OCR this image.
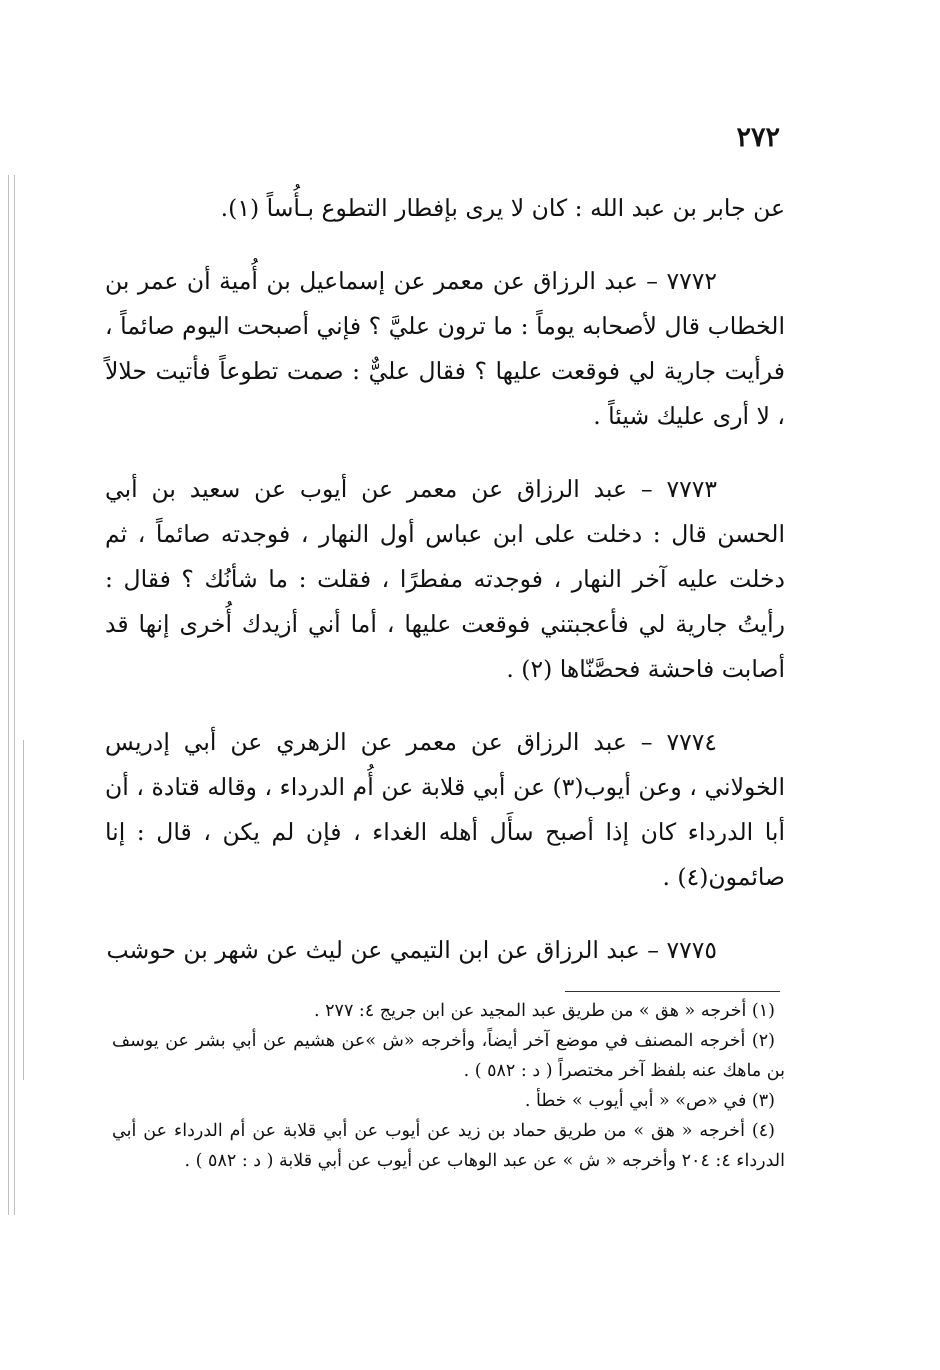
٢٧٢

عن جابر بن عبد الله : كان لا يرى بإفطار التطوع بـأُساً (١).

٧٧٧٢ – عبد الرزاق عن معمر عن إسماعيل بن أُمية أن عمر بن الخطاب قال لأصحابه يوماً : ما ترون عليَّ ؟ فإني أصبحت اليوم صائماً ، فرأيت جارية لي فوقعت عليها ؟ فقال عليٌّ : صمت تطوعاً فأتيت حلالاً ، لا أرى عليك شيئاً .

٧٧٧٣ – عبد الرزاق عن معمر عن أيوب عن سعيد بن أبي الحسن قال : دخلت على ابن عباس أول النهار ، فوجدته صائماً ، ثم دخلت عليه آخر النهار ، فوجدته مفطرًا ، فقلت : ما شأنُك ؟ فقال : رأيتُ جارية لي فأعجبتني فوقعت عليها ، أما أني أزيدك أُخرى إنها قد أصابت فاحشة فحصَّنّاها (٢) .

٧٧٧٤ – عبد الرزاق عن معمر عن الزهري عن أبي إدريس الخولاني ، وعن أيوب(٣) عن أبي قلابة عن أُم الدرداء ، وقاله قتادة ، أن أبا الدرداء كان إذا أصبح سأَل أهله الغداء ، فإن لم يكن ، قال : إنا صائمون(٤) .

٧٧٧٥ – عبد الرزاق عن ابن التيمي عن ليث عن شهر بن حوشب

(١) أخرجه « هق » من طريق عبد المجيد عن ابن جريج ٤: ٢٧٧ .

(٢) أخرجه المصنف في موضع آخر أيضاً، وأخرجه «ش »عن هشيم عن أبي بشر عن يوسف بن ماهك عنه بلفظ آخر مختصراً ( د : ٥٨٢ ) .

(٣) في «ص» « أبي أيوب » خطأ .

(٤) أخرجه « هق » من طريق حماد بن زيد عن أيوب عن أبي قلابة عن أم الدرداء عن أبي الدرداء ٤: ٢٠٤ وأخرجه « ش » عن عبد الوهاب عن أيوب عن أبي قلابة ( د : ٥٨٢ ) .
